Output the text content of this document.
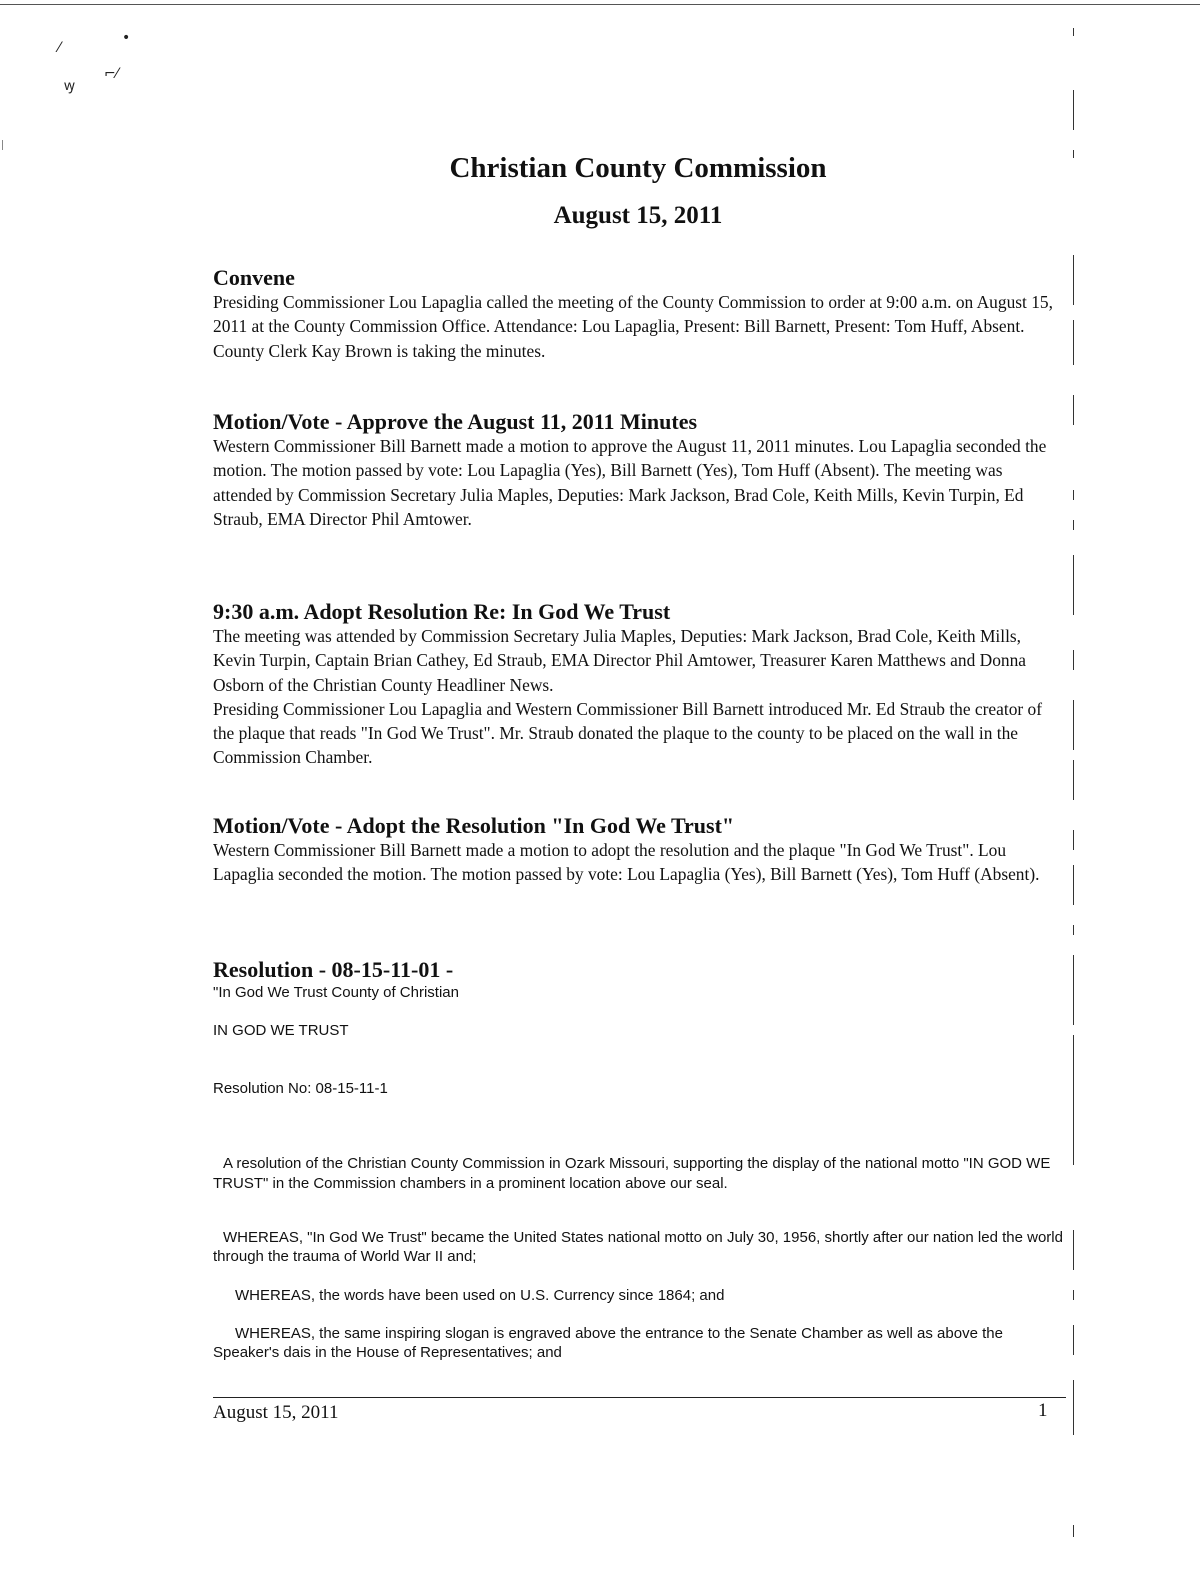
⁄
•
ꝡ
⌐⁄
Christian County Commission
August 15, 2011
Convene

Presiding Commissioner Lou Lapaglia called the meeting of the County Commission to order at 9:00 a.m. on August 15, 2011 at the County Commission Office. Attendance: Lou Lapaglia, Present: Bill Barnett, Present: Tom Huff, Absent. County Clerk Kay Brown is taking the minutes.

Motion/Vote - Approve the August 11, 2011 Minutes

Western Commissioner Bill Barnett made a motion to approve the August 11, 2011 minutes. Lou Lapaglia seconded the motion. The motion passed by vote: Lou Lapaglia (Yes), Bill Barnett (Yes), Tom Huff (Absent). The meeting was attended by Commission Secretary Julia Maples, Deputies: Mark Jackson, Brad Cole, Keith Mills, Kevin Turpin, Ed Straub, EMA Director Phil Amtower.

9:30 a.m. Adopt Resolution Re: In God We Trust

The meeting was attended by Commission Secretary Julia Maples, Deputies: Mark Jackson, Brad Cole, Keith Mills, Kevin Turpin, Captain Brian Cathey, Ed Straub, EMA Director Phil Amtower, Treasurer Karen Matthews and Donna Osborn of the Christian County Headliner News.

Presiding Commissioner Lou Lapaglia and Western Commissioner Bill Barnett introduced Mr. Ed Straub the creator of the plaque that reads "In God We Trust". Mr. Straub donated the plaque to the county to be placed on the wall in the Commission Chamber.

Motion/Vote - Adopt the Resolution "In God We Trust"

Western Commissioner Bill Barnett made a motion to adopt the resolution and the plaque "In God We Trust". Lou Lapaglia seconded the motion. The motion passed by vote: Lou Lapaglia (Yes), Bill Barnett (Yes), Tom Huff (Absent).

Resolution - 08-15-11-01 -

"In God We Trust County of Christian

IN GOD WE TRUST

Resolution No: 08-15-11-1

A resolution of the Christian County Commission in Ozark Missouri, supporting the display of the national motto "IN GOD WE TRUST" in the Commission chambers in a prominent location above our seal.

WHEREAS, "In God We Trust" became the United States national motto on July 30, 1956, shortly after our nation led the world through the trauma of World War II and;

WHEREAS, the words have been used on U.S. Currency since 1864; and

WHEREAS, the same inspiring slogan is engraved above the entrance to the Senate Chamber as well as above the Speaker's dais in the House of Representatives; and

August 15, 2011	1
